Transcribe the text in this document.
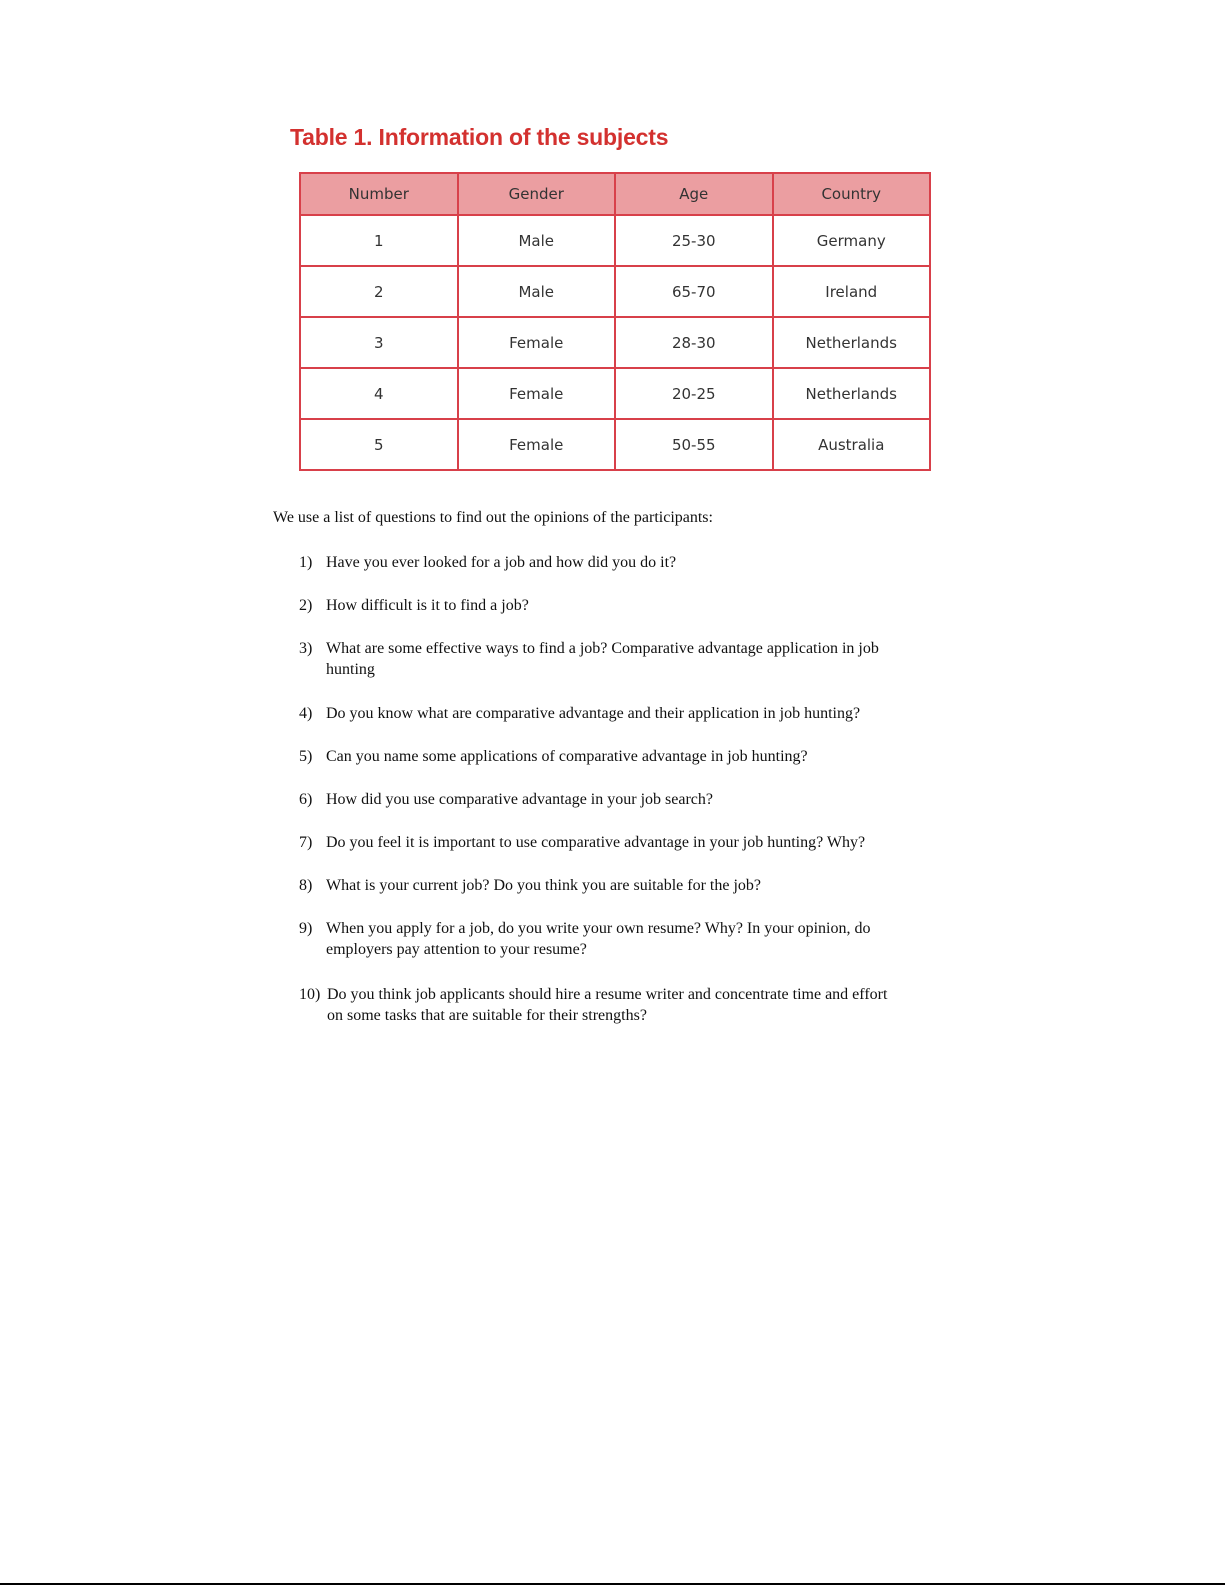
Table 1. Information of the subjects
Number	Gender	Age	Country
1	Male	25-30	Germany
2	Male	65-70	Ireland
3	Female	28-30	Netherlands
4	Female	20-25	Netherlands
5	Female	50-55	Australia

We use a list of questions to find out the opinions of the participants:

1) Have you ever looked for a job and how did you do it?
2) How difficult is it to find a job?
3) What are some effective ways to find a job? Comparative advantage application in job hunting
4) Do you know what are comparative advantage and their application in job hunting?
5) Can you name some applications of comparative advantage in job hunting?
6) How did you use comparative advantage in your job search?
7) Do you feel it is important to use comparative advantage in your job hunting? Why?
8) What is your current job? Do you think you are suitable for the job?
9) When you apply for a job, do you write your own resume? Why? In your opinion, do employers pay attention to your resume?
10) Do you think job applicants should hire a resume writer and concentrate time and effort on some tasks that are suitable for their strengths?
